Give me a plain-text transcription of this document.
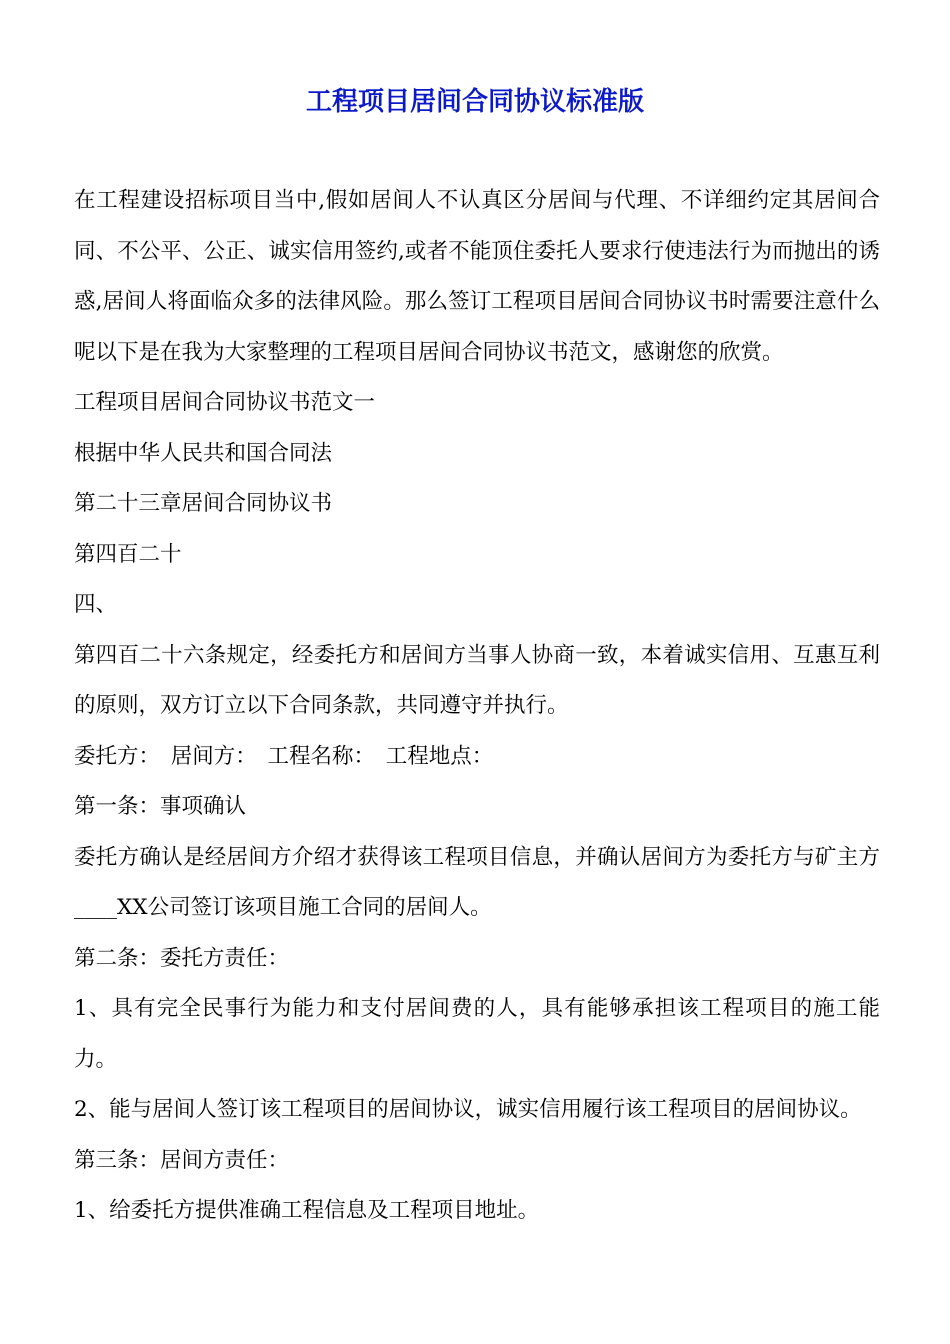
工程项目居间合同协议标准版

在工程建设招标项目当中,假如居间人不认真区分居间与代理、不详细约定其居间合同、不公平、公正、诚实信用签约,或者不能顶住委托人要求行使违法行为而抛出的诱惑,居间人将面临众多的法律风险。那么签订工程项目居间合同协议书时需要注意什么呢以下是在我为大家整理的工程项目居间合同协议书范文，感谢您的欣赏。

工程项目居间合同协议书范文一

根据中华人民共和国合同法

第二十三章居间合同协议书

第四百二十

四、

第四百二十六条规定，经委托方和居间方当事人协商一致，本着诚实信用、互惠互利的原则，双方订立以下合同条款，共同遵守并执行。

委托方：　居间方：　工程名称：　工程地点：

第一条：事项确认

委托方确认是经居间方介绍才获得该工程项目信息，并确认居间方为委托方与矿主方____XX公司签订该项目施工合同的居间人。

第二条：委托方责任：

1、具有完全民事行为能力和支付居间费的人，具有能够承担该工程项目的施工能力。

2、能与居间人签订该工程项目的居间协议，诚实信用履行该工程项目的居间协议。

第三条：居间方责任：

1、给委托方提供准确工程信息及工程项目地址。
